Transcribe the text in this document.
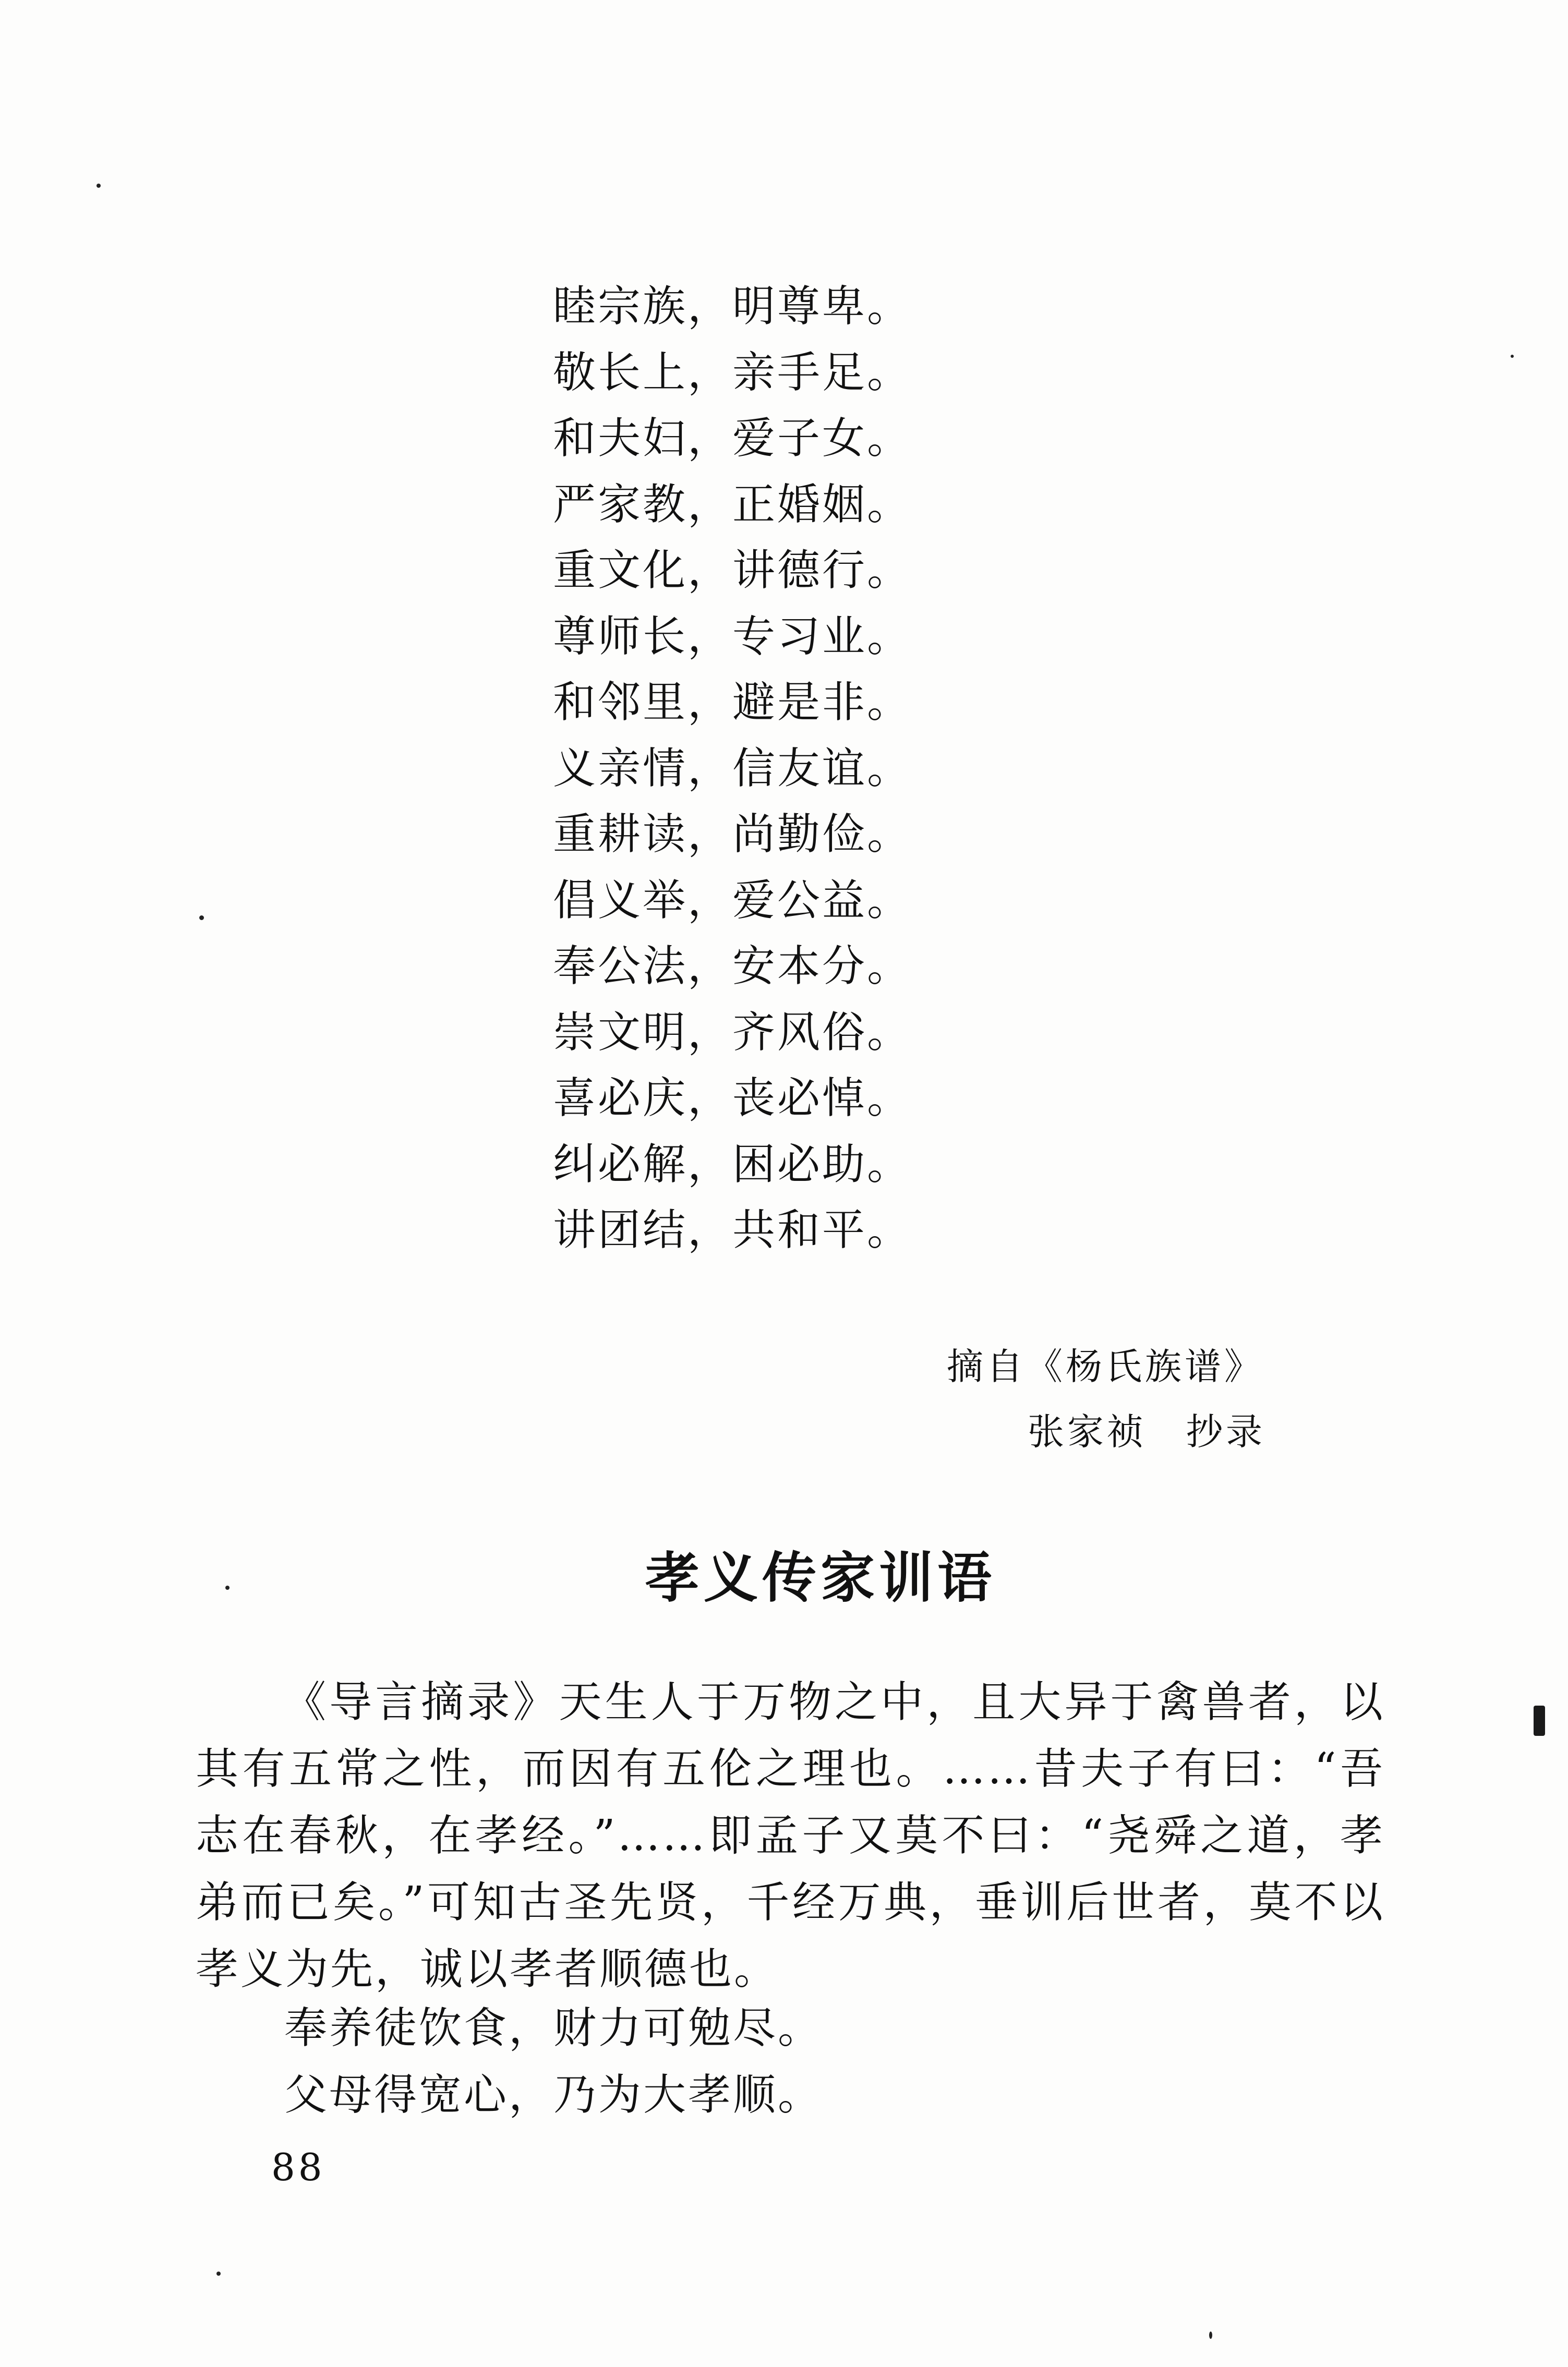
睦宗族，明尊卑。
敬长上，亲手足。
和夫妇，爱子女。
严家教，正婚姻。
重文化，讲德行。
尊师长，专习业。
和邻里，避是非。
义亲情，信友谊。
重耕读，尚勤俭。
倡义举，爱公益。
奉公法，安本分。
崇文明，齐风俗。
喜必庆，丧必悼。
纠必解，困必助。
讲团结，共和平。
摘自《杨氏族谱》
张家祯　抄录
孝义传家训语

《导言摘录》天生人于万物之中，且大异于禽兽者，以其有五常之性，而因有五伦之理也。……昔夫子有曰：“吾志在春秋，在孝经。”……即孟子又莫不曰：“尧舜之道，孝弟而已矣。”可知古圣先贤，千经万典，垂训后世者，莫不以孝义为先，诚以孝者顺德也。

奉养徒饮食，财力可勉尽。
父母得宽心，乃为大孝顺。
88
